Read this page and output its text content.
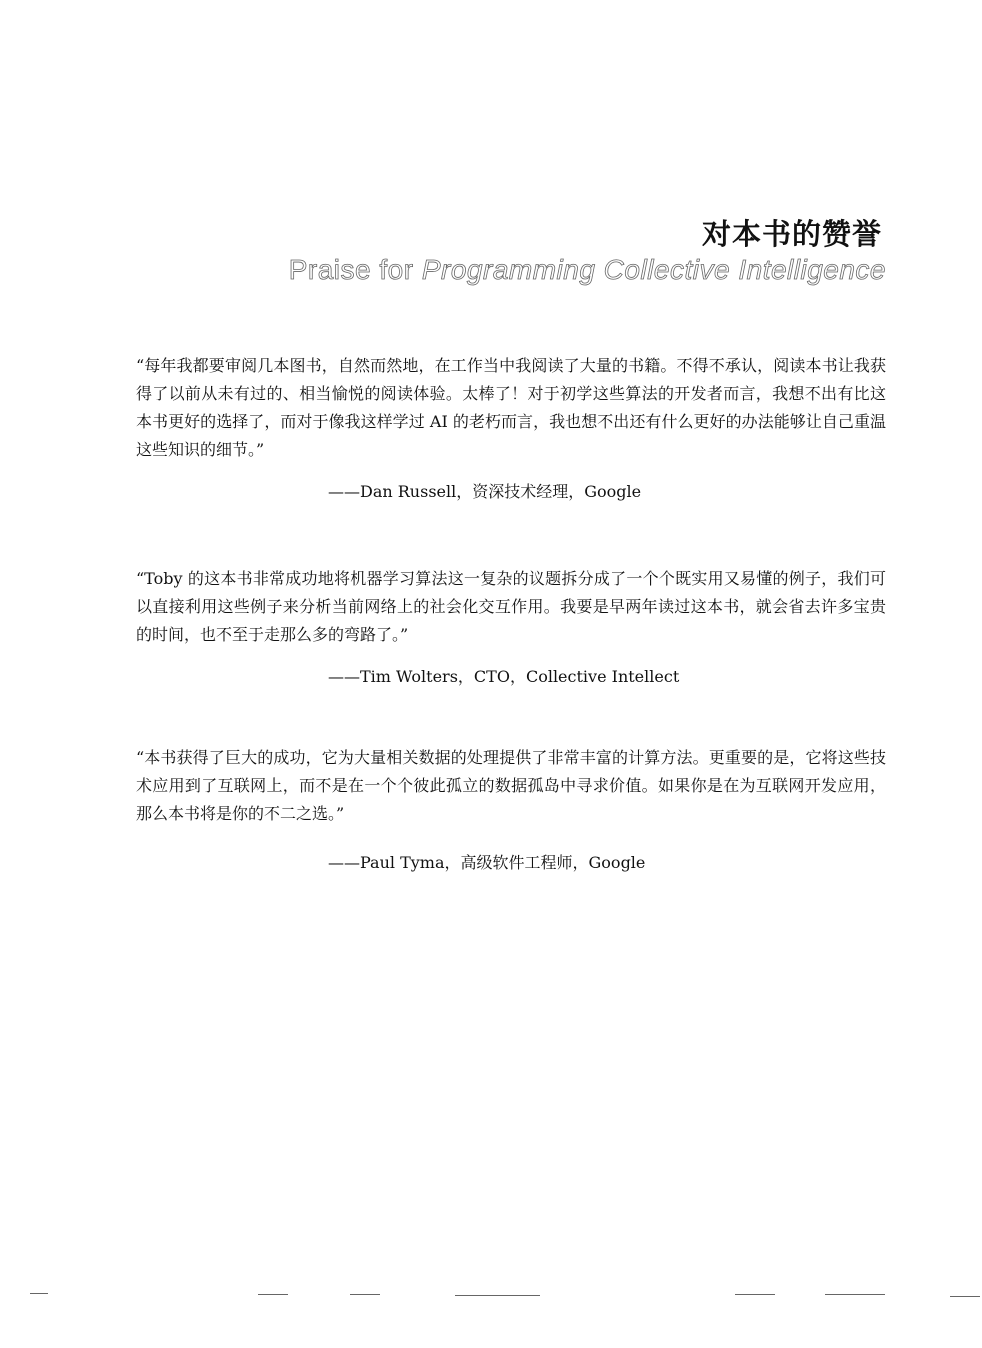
对本书的赞誉
Praise for Programming Collective Intelligence
“每年我都要审阅几本图书，自然而然地，在工作当中我阅读了大量的书籍。不得不承认，阅读本书让我获得了以前从未有过的、相当愉悦的阅读体验。太棒了！对于初学这些算法的开发者而言，我想不出有比这本书更好的选择了，而对于像我这样学过 AI 的老朽而言，我也想不出还有什么更好的办法能够让自己重温这些知识的细节。”
——Dan Russell，资深技术经理，Google
“Toby 的这本书非常成功地将机器学习算法这一复杂的议题拆分成了一个个既实用又易懂的例子，我们可以直接利用这些例子来分析当前网络上的社会化交互作用。我要是早两年读过这本书，就会省去许多宝贵的时间，也不至于走那么多的弯路了。”
——Tim Wolters，CTO，Collective Intellect
“本书获得了巨大的成功，它为大量相关数据的处理提供了非常丰富的计算方法。更重要的是，它将这些技术应用到了互联网上，而不是在一个个彼此孤立的数据孤岛中寻求价值。如果你是在为互联网开发应用，那么本书将是你的不二之选。”
——Paul Tyma，高级软件工程师，Google
